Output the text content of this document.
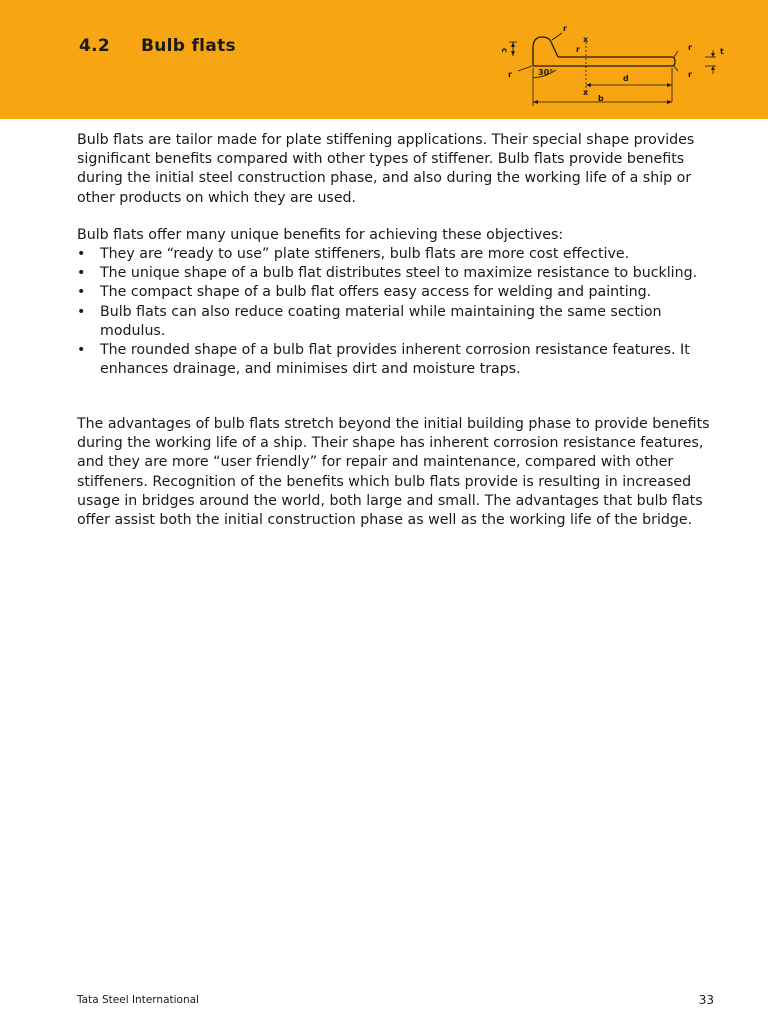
4.2 Bulb flats
r
x
c	r	r	t
r	30°
d	r
x
b

Bulb flats are tailor made for plate stiffening applications. Their special shape provides significant benefits compared with other types of stiffener. Bulb flats provide benefits during the initial steel construction phase, and also during the working life of a ship or other products on which they are used.

Bulb flats offer many unique benefits for achieving these objectives:

• They are “ready to use” plate stiffeners, bulb flats are more cost effective.
• The unique shape of a bulb flat distributes steel to maximize resistance to buckling.
• The compact shape of a bulb flat offers easy access for welding and painting.
• Bulb flats can also reduce coating material while maintaining the same section modulus.
• The rounded shape of a bulb flat provides inherent corrosion resistance features. It enhances drainage, and minimises dirt and moisture traps.

The advantages of bulb flats stretch beyond the initial building phase to provide benefits during the working life of a ship. Their shape has inherent corrosion resistance features, and they are more “user friendly” for repair and maintenance, compared with other stiffeners. Recognition of the benefits which bulb flats provide is resulting in increased usage in bridges around the world, both large and small. The advantages that bulb flats offer assist both the initial construction phase as well as the working life of the bridge.

Tata Steel International	33
